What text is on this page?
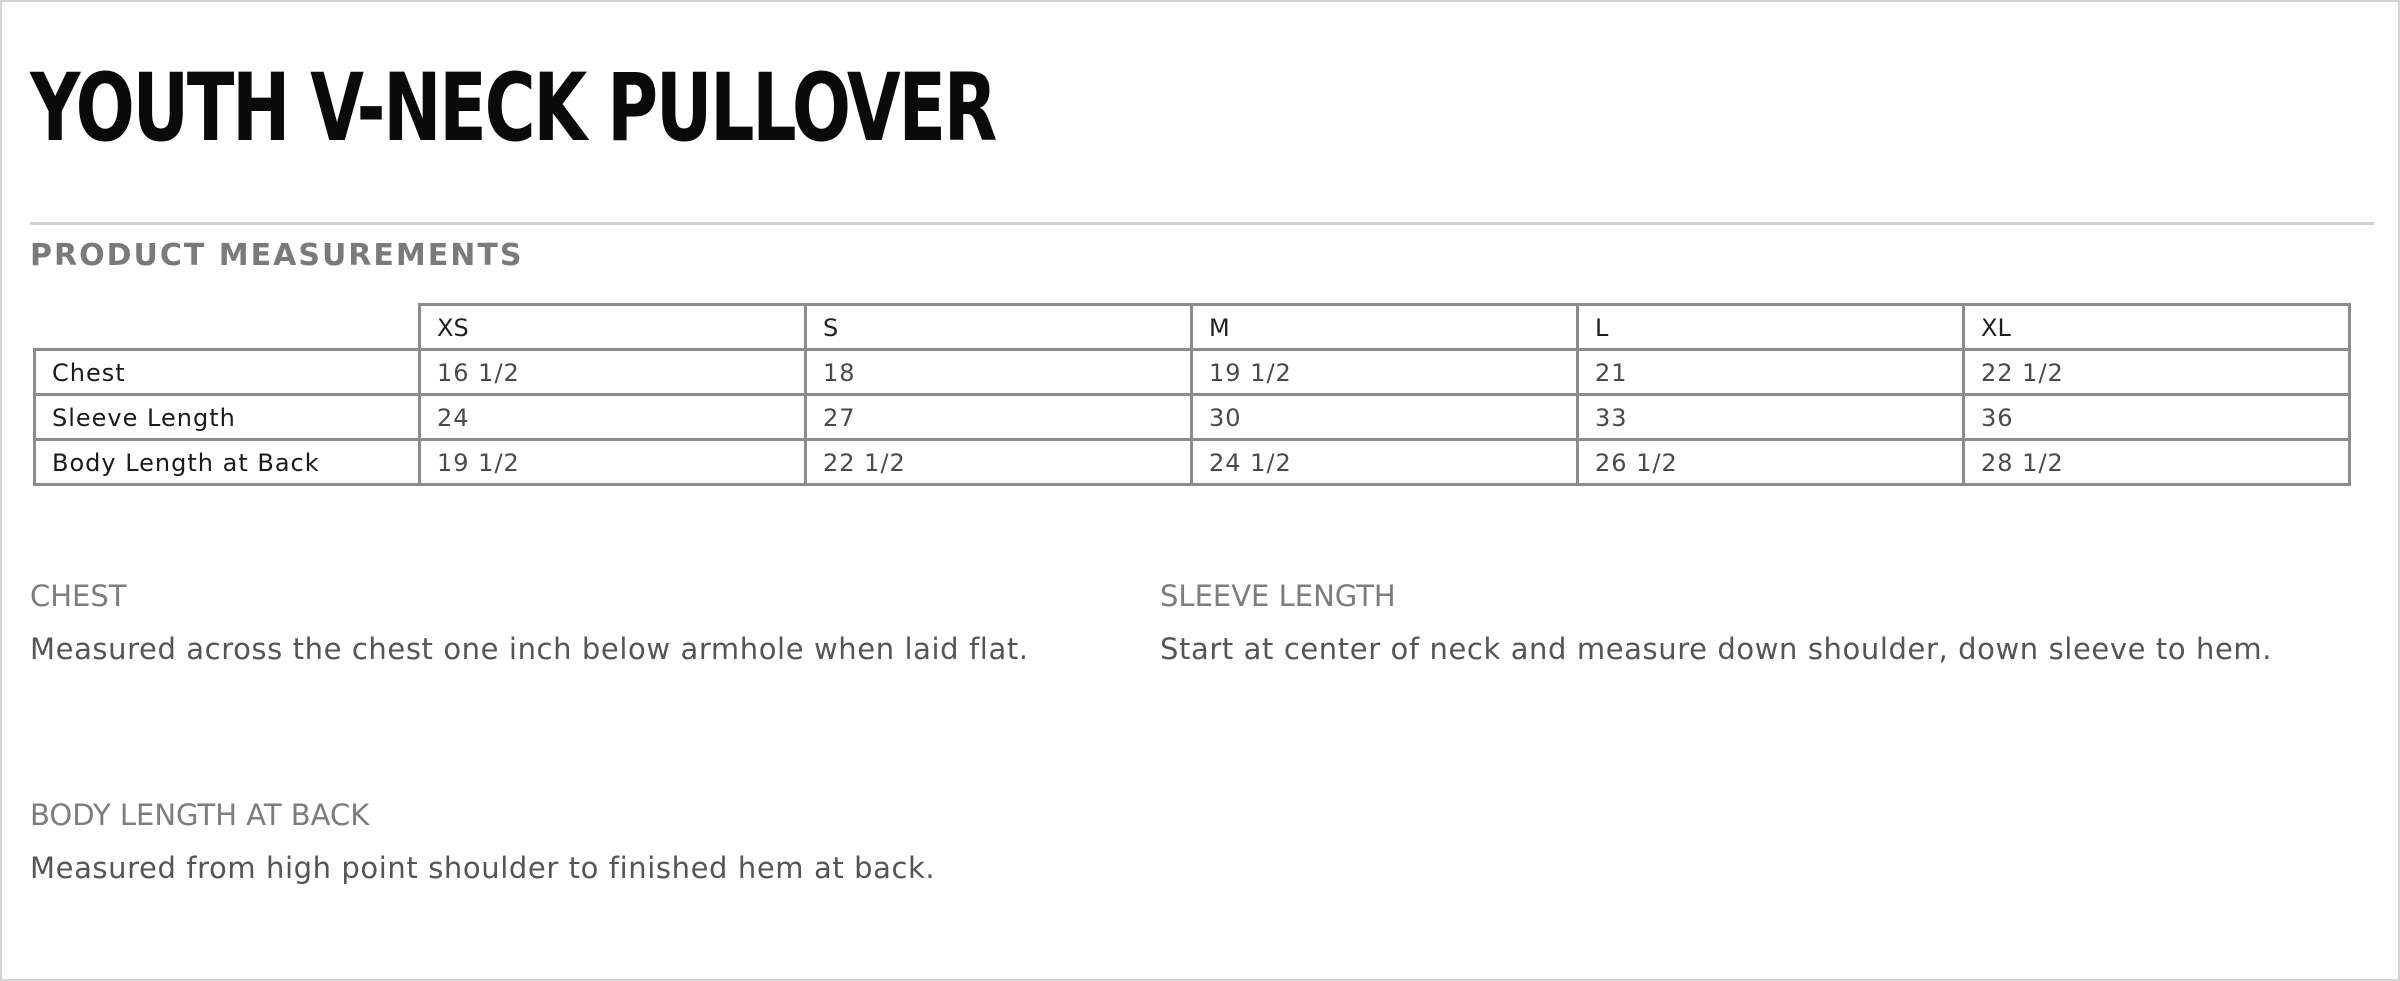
YOUTH V-NECK PULLOVER
PRODUCT MEASUREMENTS
	XS	S	M	L	XL
Chest	16 1/2	18	19 1/2	21	22 1/2
Sleeve Length	24	27	30	33	36
Body Length at Back	19 1/2	22 1/2	24 1/2	26 1/2	28 1/2
CHEST

Measured across the chest one inch below armhole when laid flat.

SLEEVE LENGTH

Start at center of neck and measure down shoulder, down sleeve to hem.

BODY LENGTH AT BACK

Measured from high point shoulder to finished hem at back.
